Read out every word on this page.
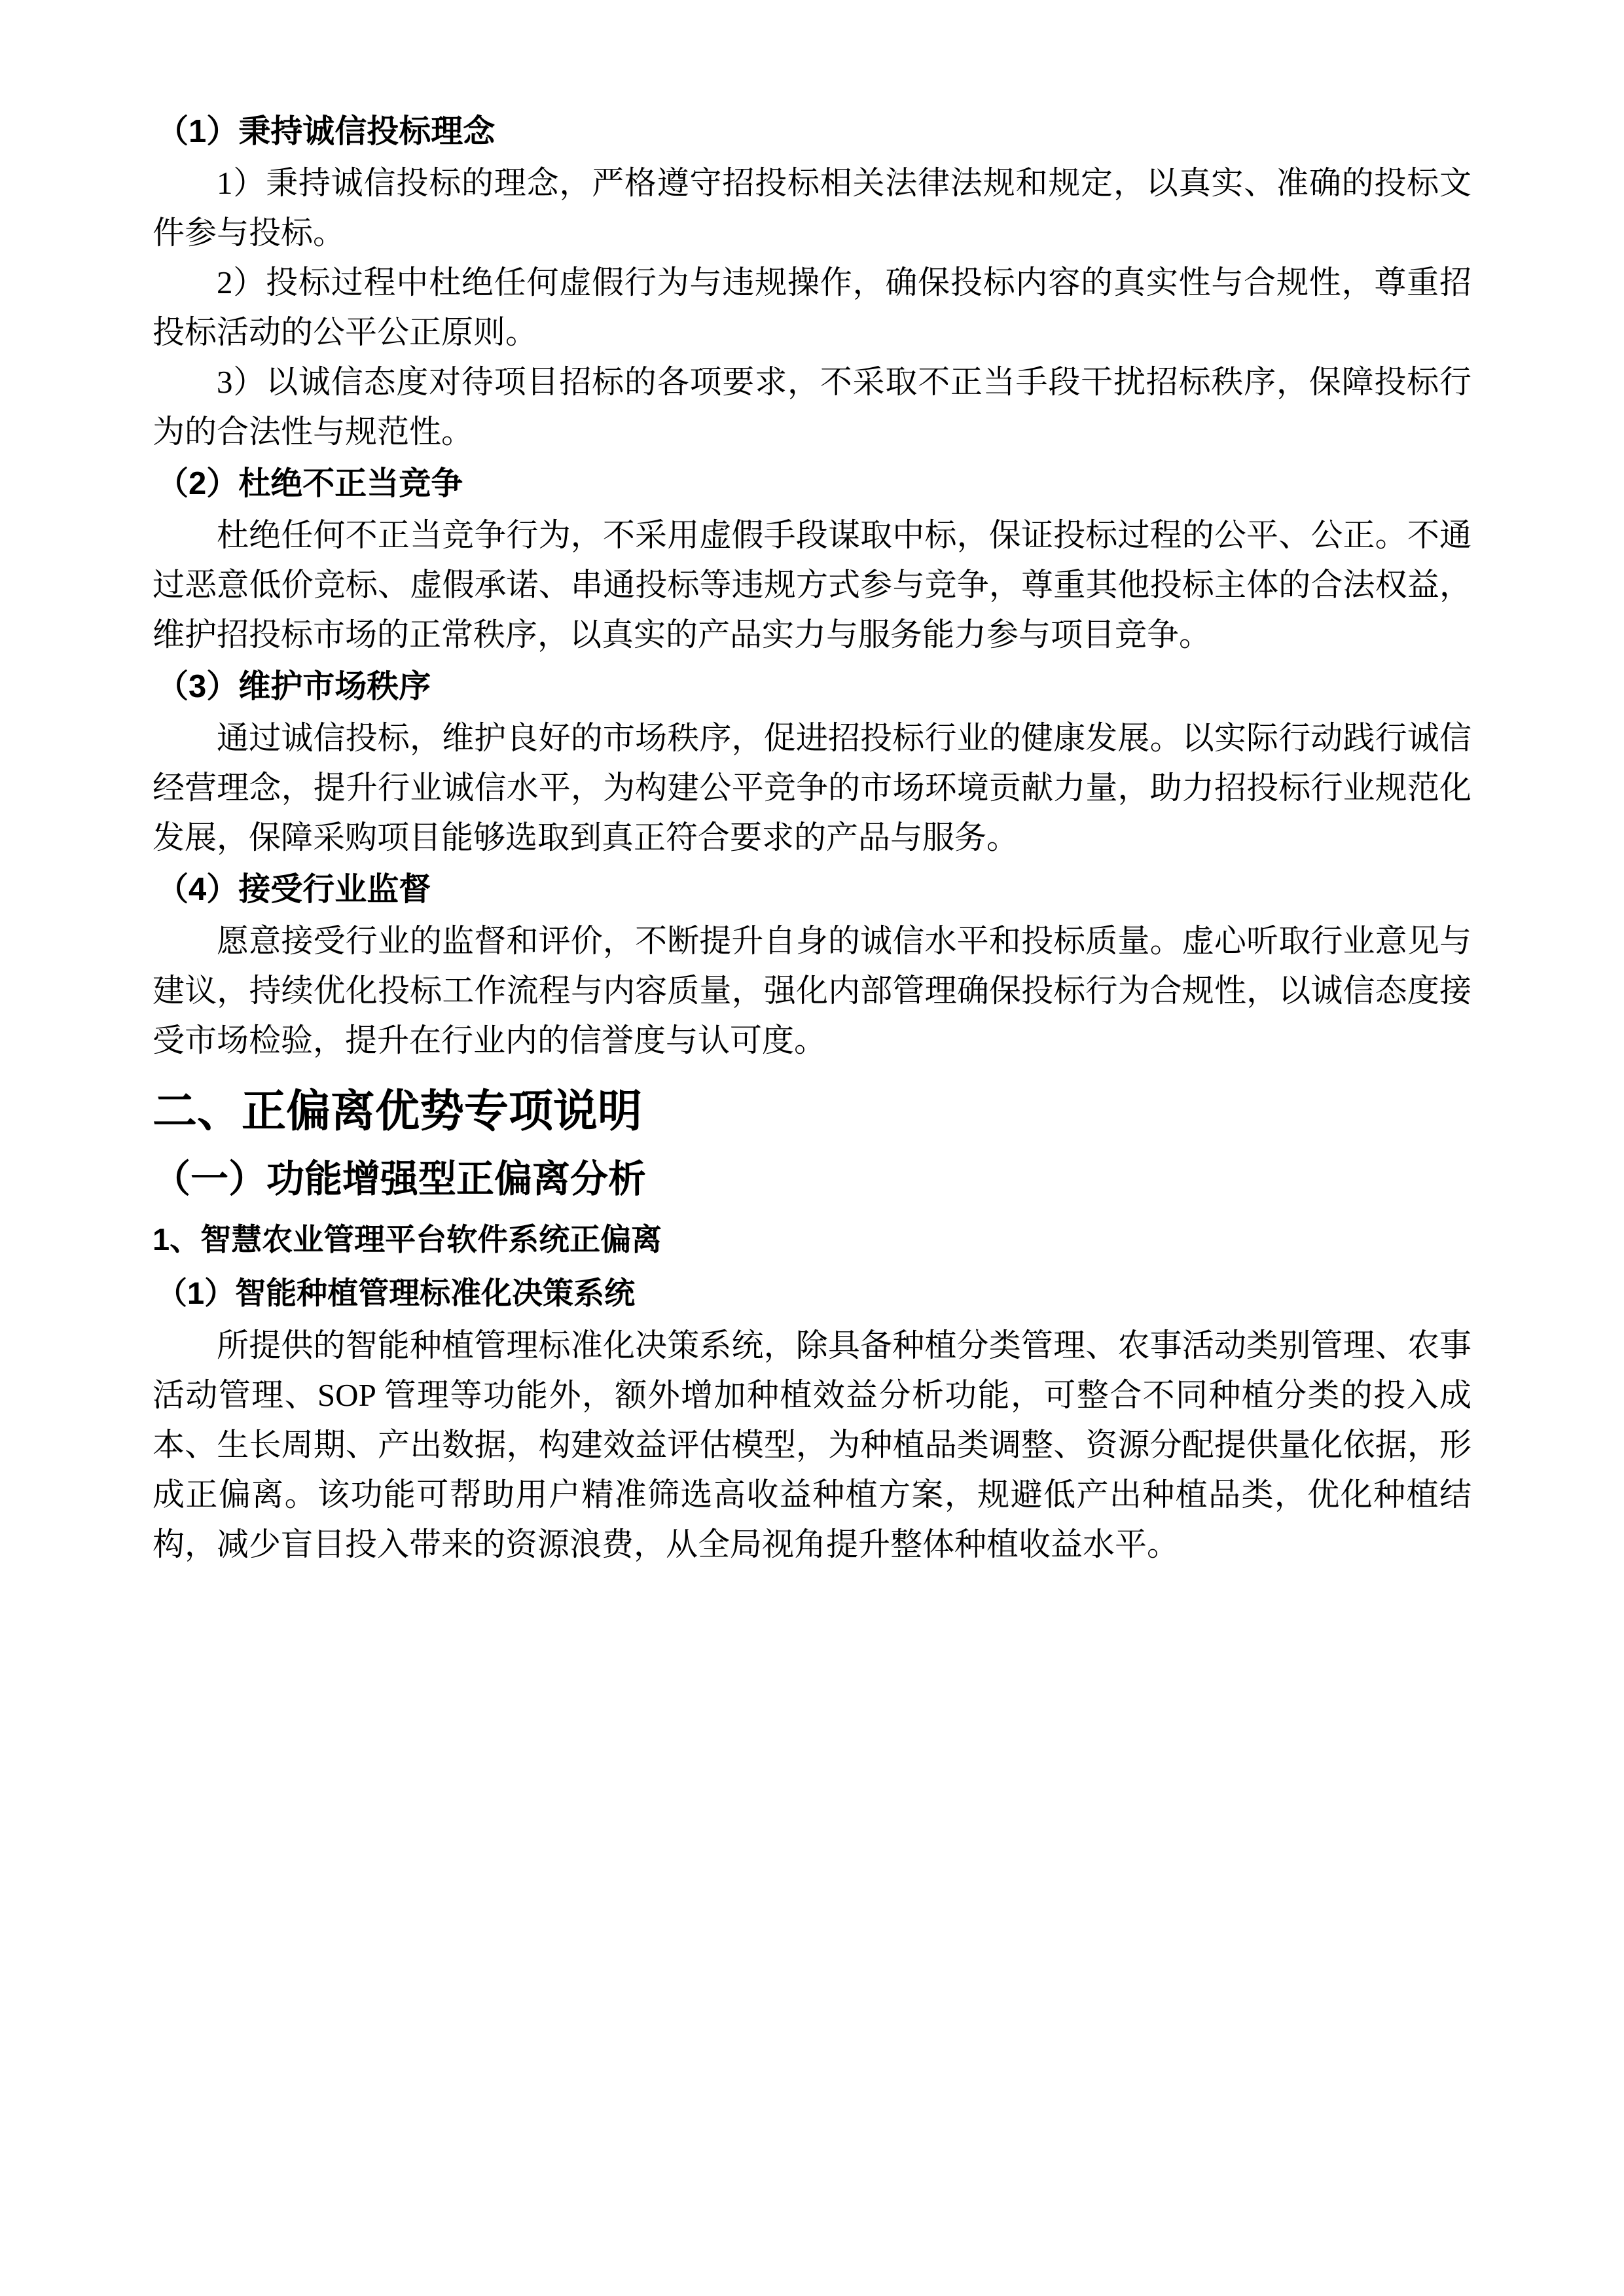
（1）秉持诚信投标理念

1）秉持诚信投标的理念，严格遵守招投标相关法律法规和规定，以真实、准确的投标文件参与投标。

2）投标过程中杜绝任何虚假行为与违规操作，确保投标内容的真实性与合规性，尊重招投标活动的公平公正原则。

3）以诚信态度对待项目招标的各项要求，不采取不正当手段干扰招标秩序，保障投标行为的合法性与规范性。

（2）杜绝不正当竞争

杜绝任何不正当竞争行为，不采用虚假手段谋取中标，保证投标过程的公平、公正。不通过恶意低价竞标、虚假承诺、串通投标等违规方式参与竞争，尊重其他投标主体的合法权益，维护招投标市场的正常秩序，以真实的产品实力与服务能力参与项目竞争。

（3）维护市场秩序

通过诚信投标，维护良好的市场秩序，促进招投标行业的健康发展。以实际行动践行诚信经营理念，提升行业诚信水平，为构建公平竞争的市场环境贡献力量，助力招投标行业规范化发展，保障采购项目能够选取到真正符合要求的产品与服务。

（4）接受行业监督

愿意接受行业的监督和评价，不断提升自身的诚信水平和投标质量。虚心听取行业意见与建议，持续优化投标工作流程与内容质量，强化内部管理确保投标行为合规性，以诚信态度接受市场检验，提升在行业内的信誉度与认可度。

二、正偏离优势专项说明
（一）功能增强型正偏离分析
1、智慧农业管理平台软件系统正偏离
（1）智能种植管理标准化决策系统

所提供的智能种植管理标准化决策系统，除具备种植分类管理、农事活动类别管理、农事活动管理、SOP 管理等功能外，额外增加种植效益分析功能，可整合不同种植分类的投入成本、生长周期、产出数据，构建效益评估模型，为种植品类调整、资源分配提供量化依据，形成正偏离。该功能可帮助用户精准筛选高收益种植方案，规避低产出种植品类，优化种植结构，减少盲目投入带来的资源浪费，从全局视角提升整体种植收益水平。
